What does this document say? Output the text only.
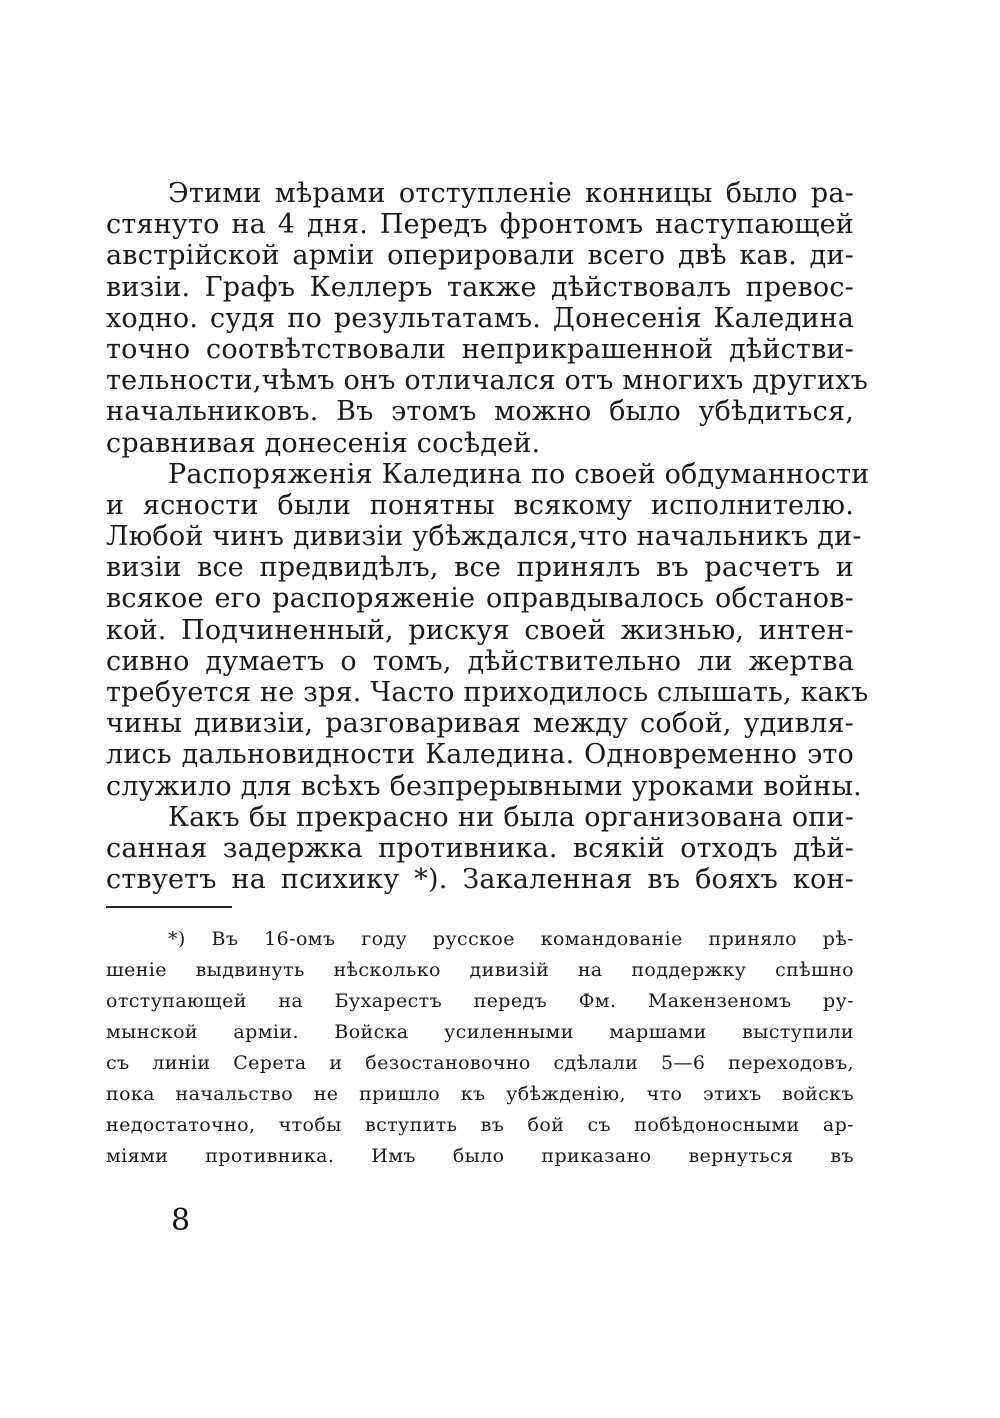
Этими мѣрами отступленіе конницы было ра-
стянуто на 4 дня. Передъ фронтомъ наступающей
австрійской арміи оперировали всего двѣ кав. ди-
визіи. Графъ Келлеръ также дѣйствовалъ превос-
ходно. судя по результатамъ. Донесенія Каледина
точно соотвѣтствовали неприкрашенной дѣйстви-
тельности,чѣмъ онъ отличался отъ многихъ другихъ
начальниковъ. Въ этомъ можно было убѣдиться,
сравнивая донесенія сосѣдей.
Распоряженія Каледина по своей обдуманности
и ясности были понятны всякому исполнителю.
Любой чинъ дивизіи убѣждался,что начальникъ ди-
визіи все предвидѣлъ, все принялъ въ расчетъ и
всякое его распоряженіе оправдывалось обстанов-
кой. Подчиненный, рискуя своей жизнью, интен-
сивно думаетъ о томъ, дѣйствительно ли жертва
требуется не зря. Часто приходилось слышать, какъ
чины дивизіи, разговаривая между собой, удивля-
лись дальновидности Каледина. Одновременно это
служило для всѣхъ безпрерывными уроками войны.
Какъ бы прекрасно ни была организована опи-
санная задержка противника. всякій отходъ дѣй-
ствуетъ на психику *). Закаленная въ бояхъ кон-
*) Въ 16-омъ году русское командованіе приняло рѣ-
шеніе выдвинуть нѣсколько дивизій на поддержку спѣшно
отступающей на Бухарестъ передъ Фм. Макензеномъ ру-
мынской арміи. Войска усиленными маршами выступили
съ линіи Серета и безостановочно сдѣлали 5—6 переходовъ,
пока начальство не пришло къ убѣжденію, что этихъ войскъ
недостаточно, чтобы вступить въ бой съ побѣдоносными ар-
міями противника. Имъ было приказано вернуться въ
8
